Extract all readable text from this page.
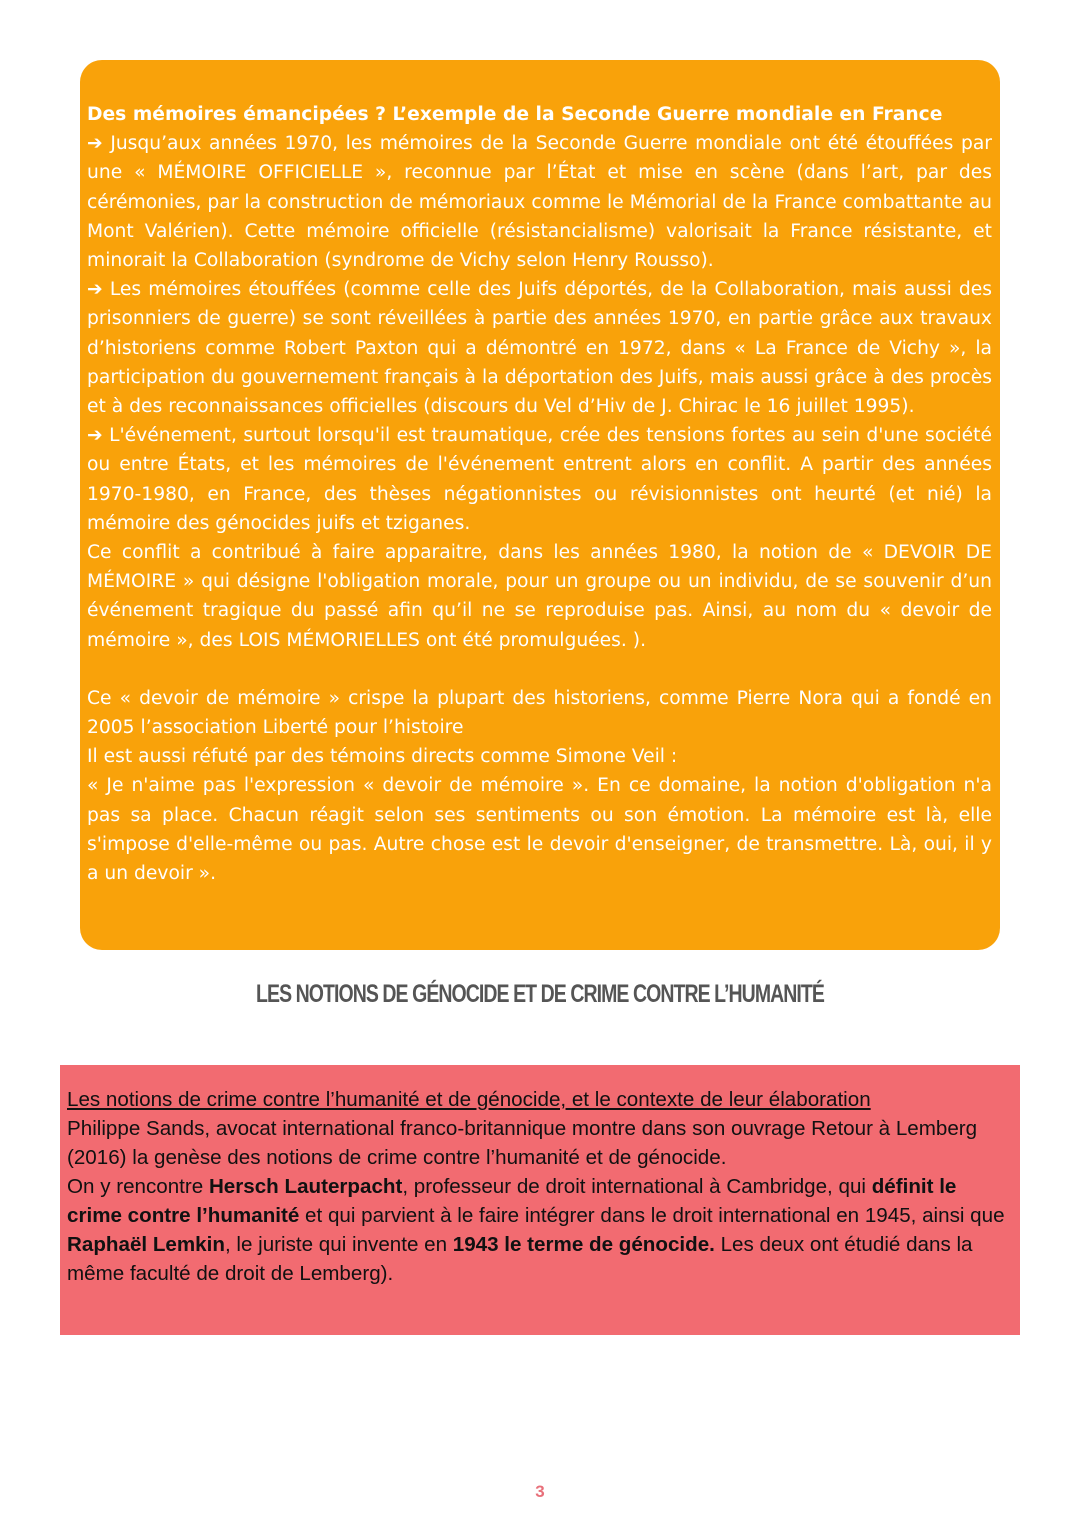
Des mémoires émancipées ? L’exemple de la Seconde Guerre mondiale en France

➔ Jusqu’aux années 1970, les mémoires de la Seconde Guerre mondiale ont été étouffées par une « MÉMOIRE OFFICIELLE », reconnue par l’État et mise en scène (dans l’art, par des cérémonies, par la construction de mémoriaux comme le Mémorial de la France combattante au Mont Valérien). Cette mémoire officielle (résistancialisme) valorisait la France résistante, et minorait la Collaboration (syndrome de Vichy selon Henry Rousso).

➔ Les mémoires étouffées (comme celle des Juifs déportés, de la Collaboration, mais aussi des prisonniers de guerre) se sont réveillées à partie des années 1970, en partie grâce aux travaux d’historiens comme Robert Paxton qui a démontré en 1972, dans « La France de Vichy », la participation du gouvernement français à la déportation des Juifs, mais aussi grâce à des procès et à des reconnaissances officielles (discours du Vel d’Hiv de J. Chirac le 16 juillet 1995).

➔ L'événement, surtout lorsqu'il est traumatique, crée des tensions fortes au sein d'une société ou entre États, et les mémoires de l'événement entrent alors en conflit. A partir des années 1970-1980, en France, des thèses négationnistes ou révisionnistes ont heurté (et nié) la mémoire des génocides juifs et tziganes.

Ce conflit a contribué à faire apparaitre, dans les années 1980, la notion de « DEVOIR DE MÉMOIRE » qui désigne l'obligation morale, pour un groupe ou un individu, de se souvenir d’un événement tragique du passé afin qu’il ne se reproduise pas. Ainsi, au nom du « devoir de mémoire », des LOIS MÉMORIELLES ont été promulguées. ).

Ce « devoir de mémoire » crispe la plupart des historiens, comme Pierre Nora qui a fondé en 2005 l’association Liberté pour l’histoire

Il est aussi réfuté par des témoins directs comme Simone Veil :

« Je n'aime pas l'expression « devoir de mémoire ». En ce domaine, la notion d'obligation n'a pas sa place. Chacun réagit selon ses sentiments ou son émotion. La mémoire est là, elle s'impose d'elle-même ou pas. Autre chose est le devoir d'enseigner, de transmettre. Là, oui, il y a un devoir ».

LES NOTIONS DE GÉNOCIDE ET DE CRIME CONTRE L’HUMANITÉ

Les notions de crime contre l’humanité et de génocide, et le contexte de leur élaboration

Philippe Sands, avocat international franco-britannique montre dans son ouvrage Retour à Lemberg (2016) la genèse des notions de crime contre l’humanité et de génocide.

On y rencontre Hersch Lauterpacht, professeur de droit international à Cambridge, qui définit le crime contre l’humanité et qui parvient à le faire intégrer dans le droit international en 1945, ainsi que

Raphaël Lemkin, le juriste qui invente en 1943 le terme de génocide. Les deux ont étudié dans la même faculté de droit de Lemberg).

3
